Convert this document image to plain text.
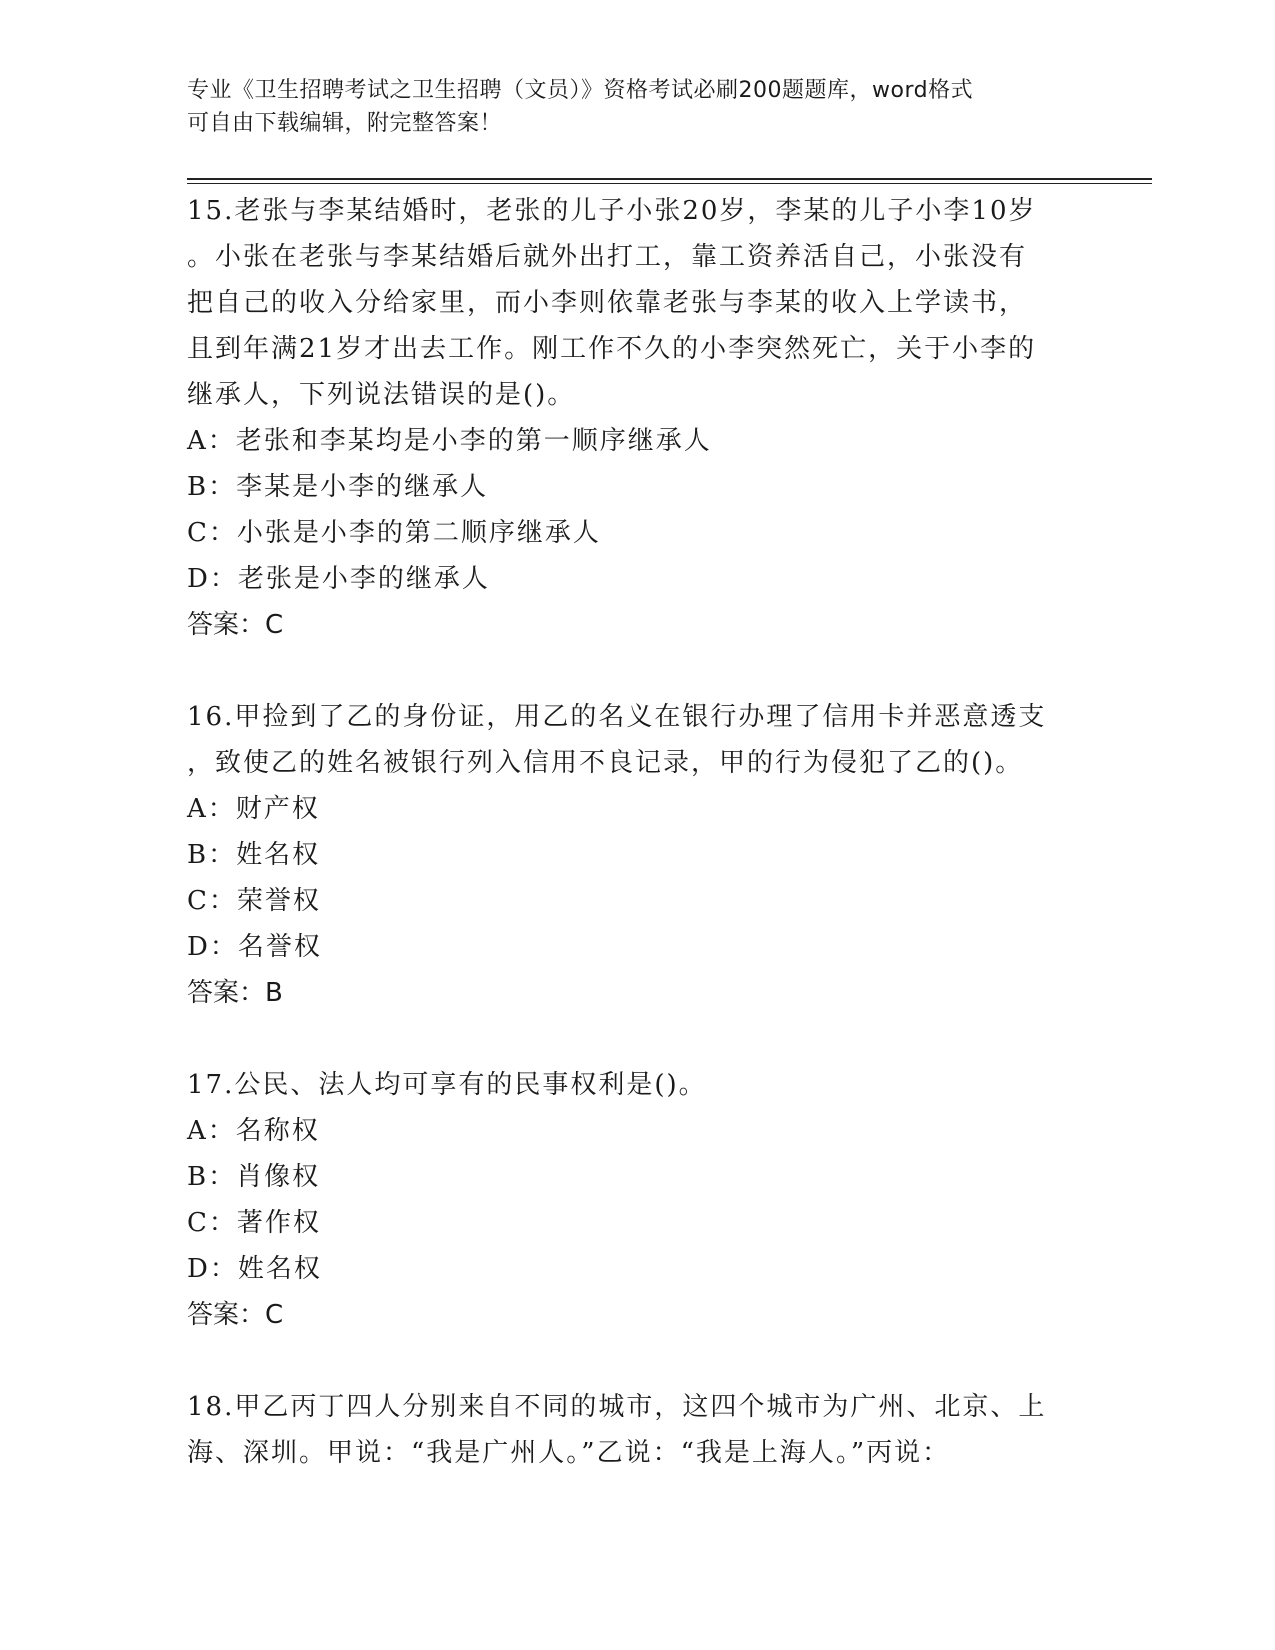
专业《卫生招聘考试之卫生招聘（文员）》资格考试必刷200题题库，word格式
可自由下载编辑，附完整答案！
15.老张与李某结婚时，老张的儿子小张20岁，李某的儿子小李10岁
。小张在老张与李某结婚后就外出打工，靠工资养活自己，小张没有
把自己的收入分给家里，而小李则依靠老张与李某的收入上学读书，
且到年满21岁才出去工作。刚工作不久的小李突然死亡，关于小李的
继承人，下列说法错误的是()。
A：老张和李某均是小李的第一顺序继承人
B：李某是小李的继承人
C：小张是小李的第二顺序继承人
D：老张是小李的继承人
答案：C
16.甲捡到了乙的身份证，用乙的名义在银行办理了信用卡并恶意透支
，致使乙的姓名被银行列入信用不良记录，甲的行为侵犯了乙的()。
A：财产权
B：姓名权
C：荣誉权
D：名誉权
答案：B
17.公民、法人均可享有的民事权利是()。
A：名称权
B：肖像权
C：著作权
D：姓名权
答案：C
18.甲乙丙丁四人分别来自不同的城市，这四个城市为广州、北京、上
海、深圳。甲说：“我是广州人。”乙说：“我是上海人。”丙说：
